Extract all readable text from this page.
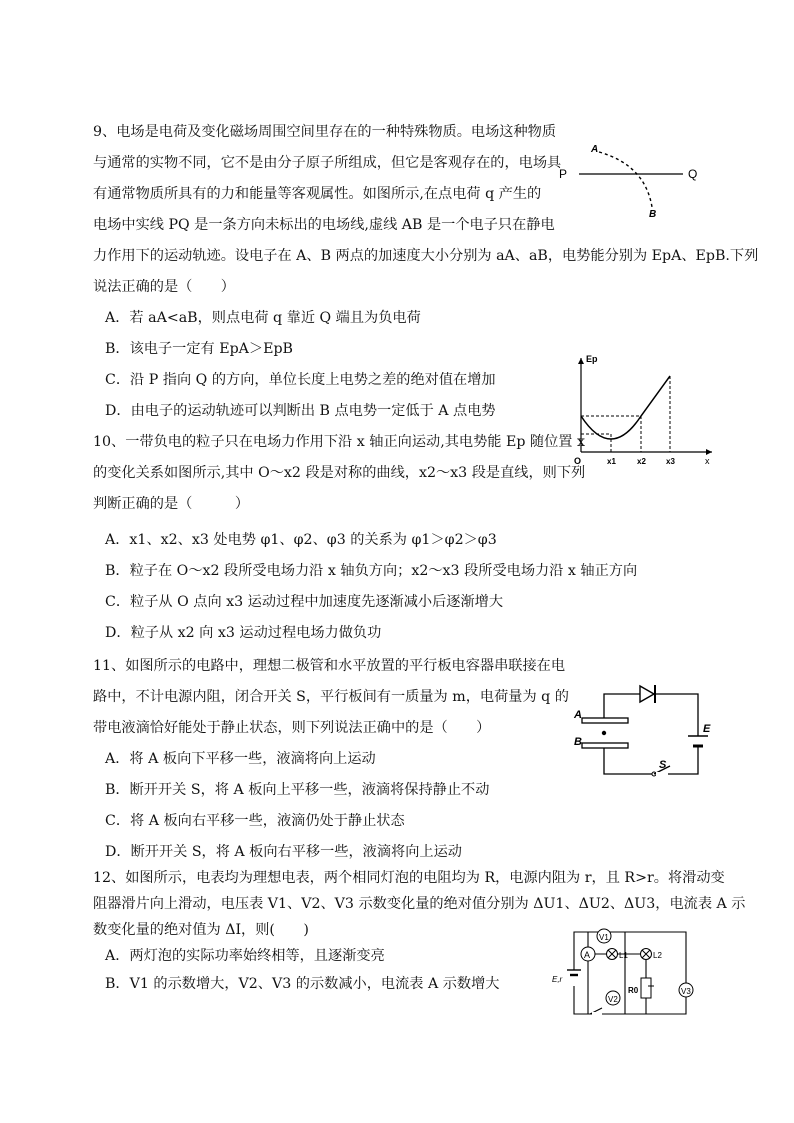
9、电场是电荷及变化磁场周围空间里存在的一种特殊物质。电场这种物质
与通常的实物不同，它不是由分子原子所组成，但它是客观存在的，电场具
有通常物质所具有的力和能量等客观属性。如图所示,在点电荷 q 产生的
电场中实线 PQ 是一条方向未标出的电场线,虚线 AB 是一个电子只在静电
力作用下的运动轨迹。设电子在 A、B 两点的加速度大小分别为 aA、aB，电势能分别为 EpA、EpB.下列
说法正确的是（　　）
A．若 aA<aB，则点电荷 q 靠近 Q 端且为负电荷
B．该电子一定有 EpA＞EpB
C．沿 P 指向 Q 的方向，单位长度上电势之差的绝对值在增加
D．由电子的运动轨迹可以判断出 B 点电势一定低于 A 点电势
P	Q
A
B
10、一带负电的粒子只在电场力作用下沿 x 轴正向运动,其电势能 Ep 随位置 x
的变化关系如图所示,其中 O～x2 段是对称的曲线，x2～x3 段是直线，则下列
判断正确的是（　　　）
A．x1、x2、x3 处电势 φ1、φ2、φ3 的关系为 φ1＞φ2＞φ3
B．粒子在 O～x2 段所受电场力沿 x 轴负方向；x2～x3 段所受电场力沿 x 轴正方向
C．粒子从 O 点向 x3 运动过程中加速度先逐渐减小后逐渐增大
D．粒子从 x2 向 x3 运动过程电场力做负功
Ep
O	x1	x2	x3	x
11、如图所示的电路中，理想二极管和水平放置的平行板电容器串联接在电
路中，不计电源内阻，闭合开关 S，平行板间有一质量为 m，电荷量为 q 的
带电液滴恰好能处于静止状态，则下列说法正确中的是（　　）
A．将 A 板向下平移一些，液滴将向上运动
B．断开开关 S，将 A 板向上平移一些，液滴将保持静止不动
C．将 A 板向右平移一些，液滴仍处于静止状态
D．断开开关 S，将 A 板向右平移一些，液滴将向上运动
A
B
E
S
12、如图所示，电表均为理想电表，两个相同灯泡的电阻均为 R，电源内阻为 r，且 R>r。将滑动变
阻器滑片向上滑动，电压表 V1、V2、V3 示数变化量的绝对值分别为 ΔU1、ΔU2、ΔU3，电流表 A 示
数变化量的绝对值为 ΔI，则(　　)
A．两灯泡的实际功率始终相等，且逐渐变亮
B．V1 的示数增大，V2、V3 的示数减小，电流表 A 示数增大
V1
A	L1	L2
V2
R0	V3
E,r
